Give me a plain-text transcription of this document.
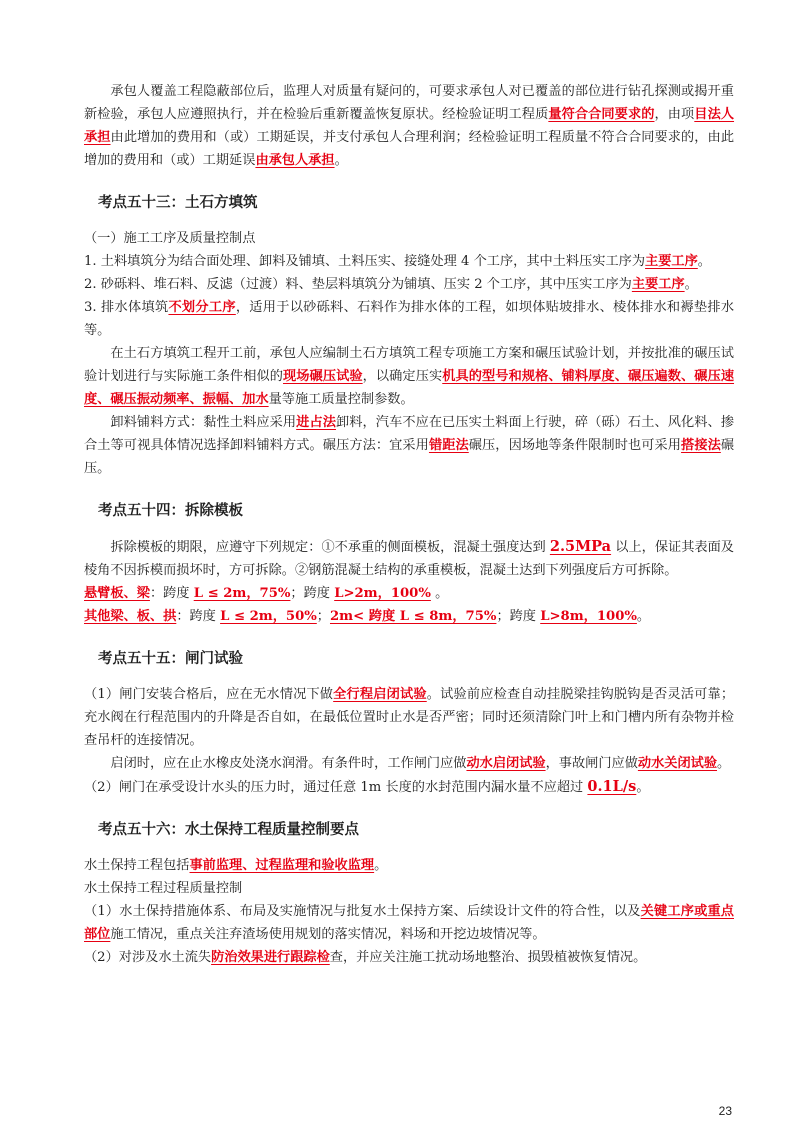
承包人覆盖工程隐蔽部位后，监理人对质量有疑问的，可要求承包人对已覆盖的部位进行钻孔探测或揭开重新检验，承包人应遵照执行，并在检验后重新覆盖恢复原状。经检验证明工程质量符合合同要求的，由项目法人承担由此增加的费用和（或）工期延误，并支付承包人合理利润；经检验证明工程质量不符合合同要求的，由此增加的费用和（或）工期延误由承包人承担。

考点五十三：土石方填筑

（一）施工工序及质量控制点

1. 土料填筑分为结合面处理、卸料及铺填、土料压实、接缝处理 4 个工序，其中土料压实工序为主要工序。

2. 砂砾料、堆石料、反滤（过渡）料、垫层料填筑分为铺填、压实 2 个工序，其中压实工序为主要工序。

3. 排水体填筑不划分工序，适用于以砂砾料、石料作为排水体的工程，如坝体贴坡排水、棱体排水和褥垫排水等。

在土石方填筑工程开工前，承包人应编制土石方填筑工程专项施工方案和碾压试验计划，并按批准的碾压试验计划进行与实际施工条件相似的现场碾压试验，以确定压实机具的型号和规格、铺料厚度、碾压遍数、碾压速度、碾压振动频率、振幅、加水量等施工质量控制参数。

卸料铺料方式：黏性土料应采用进占法卸料，汽车不应在已压实土料面上行驶，碎（砾）石土、风化料、掺合土等可视具体情况选择卸料铺料方式。碾压方法：宜采用错距法碾压，因场地等条件限制时也可采用搭接法碾压。

考点五十四：拆除模板

拆除模板的期限，应遵守下列规定：①不承重的侧面模板，混凝土强度达到 2.5MPa 以上，保证其表面及棱角不因拆模而损坏时，方可拆除。②钢筋混凝土结构的承重模板，混凝土达到下列强度后方可拆除。

悬臂板、梁：跨度 L ≤ 2m，75%；跨度 L>2m，100% 。

其他梁、板、拱：跨度 L ≤ 2m，50%；2m< 跨度 L ≤ 8m，75%；跨度 L>8m，100%。

考点五十五：闸门试验

（1）闸门安装合格后，应在无水情况下做全行程启闭试验。试验前应检查自动挂脱梁挂钩脱钩是否灵活可靠；充水阀在行程范围内的升降是否自如，在最低位置时止水是否严密；同时还须清除门叶上和门槽内所有杂物并检查吊杆的连接情况。

启闭时，应在止水橡皮处浇水润滑。有条件时，工作闸门应做动水启闭试验，事故闸门应做动水关闭试验。

（2）闸门在承受设计水头的压力时，通过任意 1m 长度的水封范围内漏水量不应超过 0.1L/s。

考点五十六：水土保持工程质量控制要点

水土保持工程包括事前监理、过程监理和验收监理。

水土保持工程过程质量控制

（1）水土保持措施体系、布局及实施情况与批复水土保持方案、后续设计文件的符合性，以及关键工序或重点部位施工情况，重点关注弃渣场使用规划的落实情况，料场和开挖边坡情况等。

（2）对涉及水土流失防治效果进行跟踪检查，并应关注施工扰动场地整治、损毁植被恢复情况。

23
